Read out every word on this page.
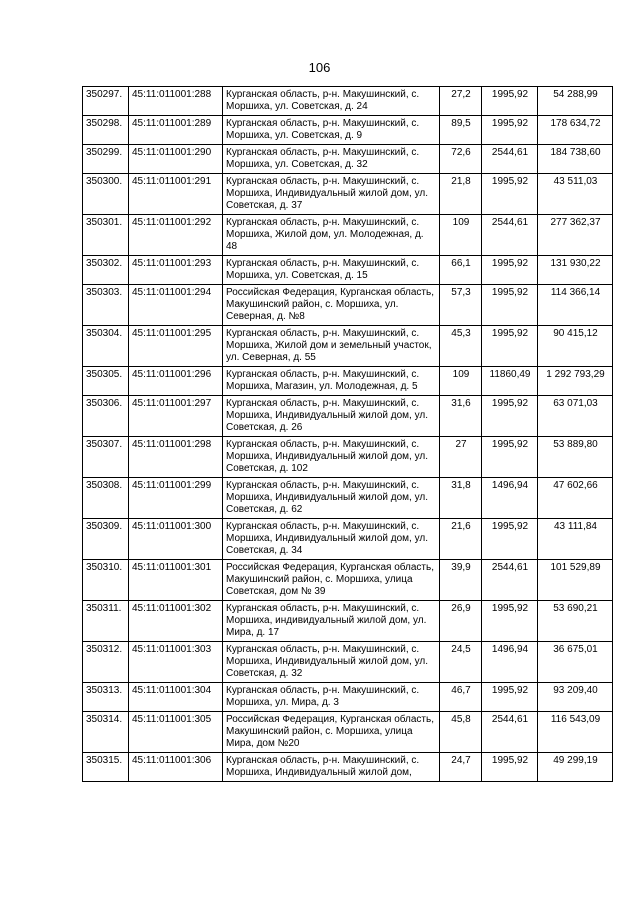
106
350297.	45:11:011001:288	Курганская область, р-н. Макушинский, с. Моршиха, ул. Советская, д. 24	27,2	1995,92	54 288,99
350298.	45:11:011001:289	Курганская область, р-н. Макушинский, с. Моршиха, ул. Советская, д. 9	89,5	1995,92	178 634,72
350299.	45:11:011001:290	Курганская область, р-н. Макушинский, с. Моршиха, ул. Советская, д. 32	72,6	2544,61	184 738,60
350300.	45:11:011001:291	Курганская область, р-н. Макушинский, с. Моршиха, Индивидуальный жилой дом, ул. Советская, д. 37	21,8	1995,92	43 511,03
350301.	45:11:011001:292	Курганская область, р-н. Макушинский, с. Моршиха, Жилой дом, ул. Молодежная, д. 48	109	2544,61	277 362,37
350302.	45:11:011001:293	Курганская область, р-н. Макушинский, с. Моршиха, ул. Советская, д. 15	66,1	1995,92	131 930,22
350303.	45:11:011001:294	Российская Федерация, Курганская область, Макушинский район, с. Моршиха, ул. Северная, д. №8	57,3	1995,92	114 366,14
350304.	45:11:011001:295	Курганская область, р-н. Макушинский, с. Моршиха, Жилой дом и земельный участок, ул. Северная, д. 55	45,3	1995,92	90 415,12
350305.	45:11:011001:296	Курганская область, р-н. Макушинский, с. Моршиха, Магазин, ул. Молодежная, д. 5	109	11860,49	1 292 793,29
350306.	45:11:011001:297	Курганская область, р-н. Макушинский, с. Моршиха, Индивидуальный жилой дом, ул. Советская, д. 26	31,6	1995,92	63 071,03
350307.	45:11:011001:298	Курганская область, р-н. Макушинский, с. Моршиха, Индивидуальный жилой дом, ул. Советская, д. 102	27	1995,92	53 889,80
350308.	45:11:011001:299	Курганская область, р-н. Макушинский, с. Моршиха, Индивидуальный жилой дом, ул. Советская, д. 62	31,8	1496,94	47 602,66
350309.	45:11:011001:300	Курганская область, р-н. Макушинский, с. Моршиха, Индивидуальный жилой дом, ул. Советская, д. 34	21,6	1995,92	43 111,84
350310.	45:11:011001:301	Российская Федерация, Курганская область, Макушинский район, с. Моршиха, улица Советская, дом № 39	39,9	2544,61	101 529,89
350311.	45:11:011001:302	Курганская область, р-н. Макушинский, с. Моршиха, индивидуальный жилой дом, ул. Мира, д. 17	26,9	1995,92	53 690,21
350312.	45:11:011001:303	Курганская область, р-н. Макушинский, с. Моршиха, Индивидуальный жилой дом, ул. Советская, д. 32	24,5	1496,94	36 675,01
350313.	45:11:011001:304	Курганская область, р-н. Макушинский, с. Моршиха, ул. Мира, д. 3	46,7	1995,92	93 209,40
350314.	45:11:011001:305	Российская Федерация, Курганская область, Макушинский район, с. Моршиха, улица Мира, дом №20	45,8	2544,61	116 543,09
350315.	45:11:011001:306	Курганская область, р-н. Макушинский, с. Моршиха, Индивидуальный жилой дом,	24,7	1995,92	49 299,19
